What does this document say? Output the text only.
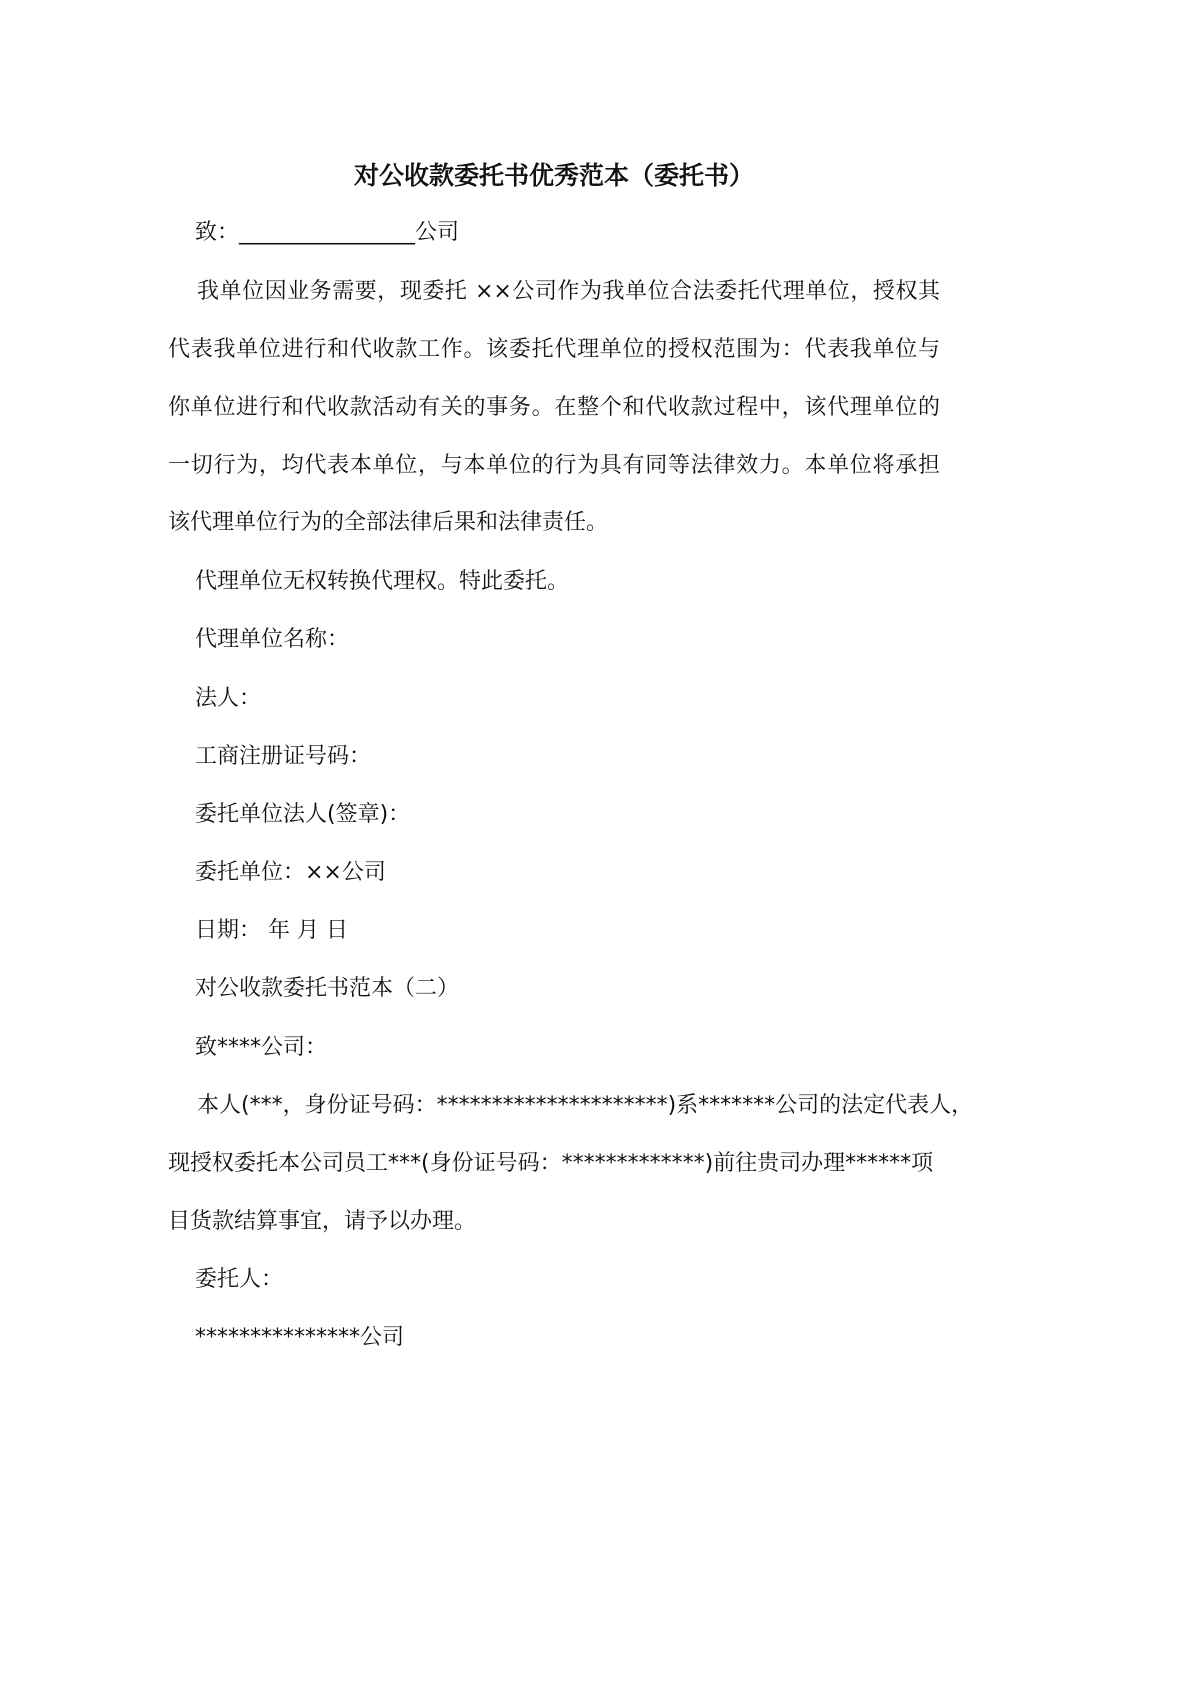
对公收款委托书优秀范本（委托书）
致：________________公司
我单位因业务需要，现委托 ××公司作为我单位合法委托代理单位，授权其
代表我单位进行和代收款工作。该委托代理单位的授权范围为：代表我单位与
你单位进行和代收款活动有关的事务。在整个和代收款过程中，该代理单位的
一切行为，均代表本单位，与本单位的行为具有同等法律效力。本单位将承担
该代理单位行为的全部法律后果和法律责任。
代理单位无权转换代理权。特此委托。
代理单位名称：
法人：
工商注册证号码：
委托单位法人(签章)：
委托单位：××公司
日期： 年 月 日
对公收款委托书范本（二）
致****公司：
本人(***，身份证号码：*********************)系*******公司的法定代表人，
现授权委托本公司员工***(身份证号码：*************)前往贵司办理******项
目货款结算事宜，请予以办理。
委托人：
***************公司
